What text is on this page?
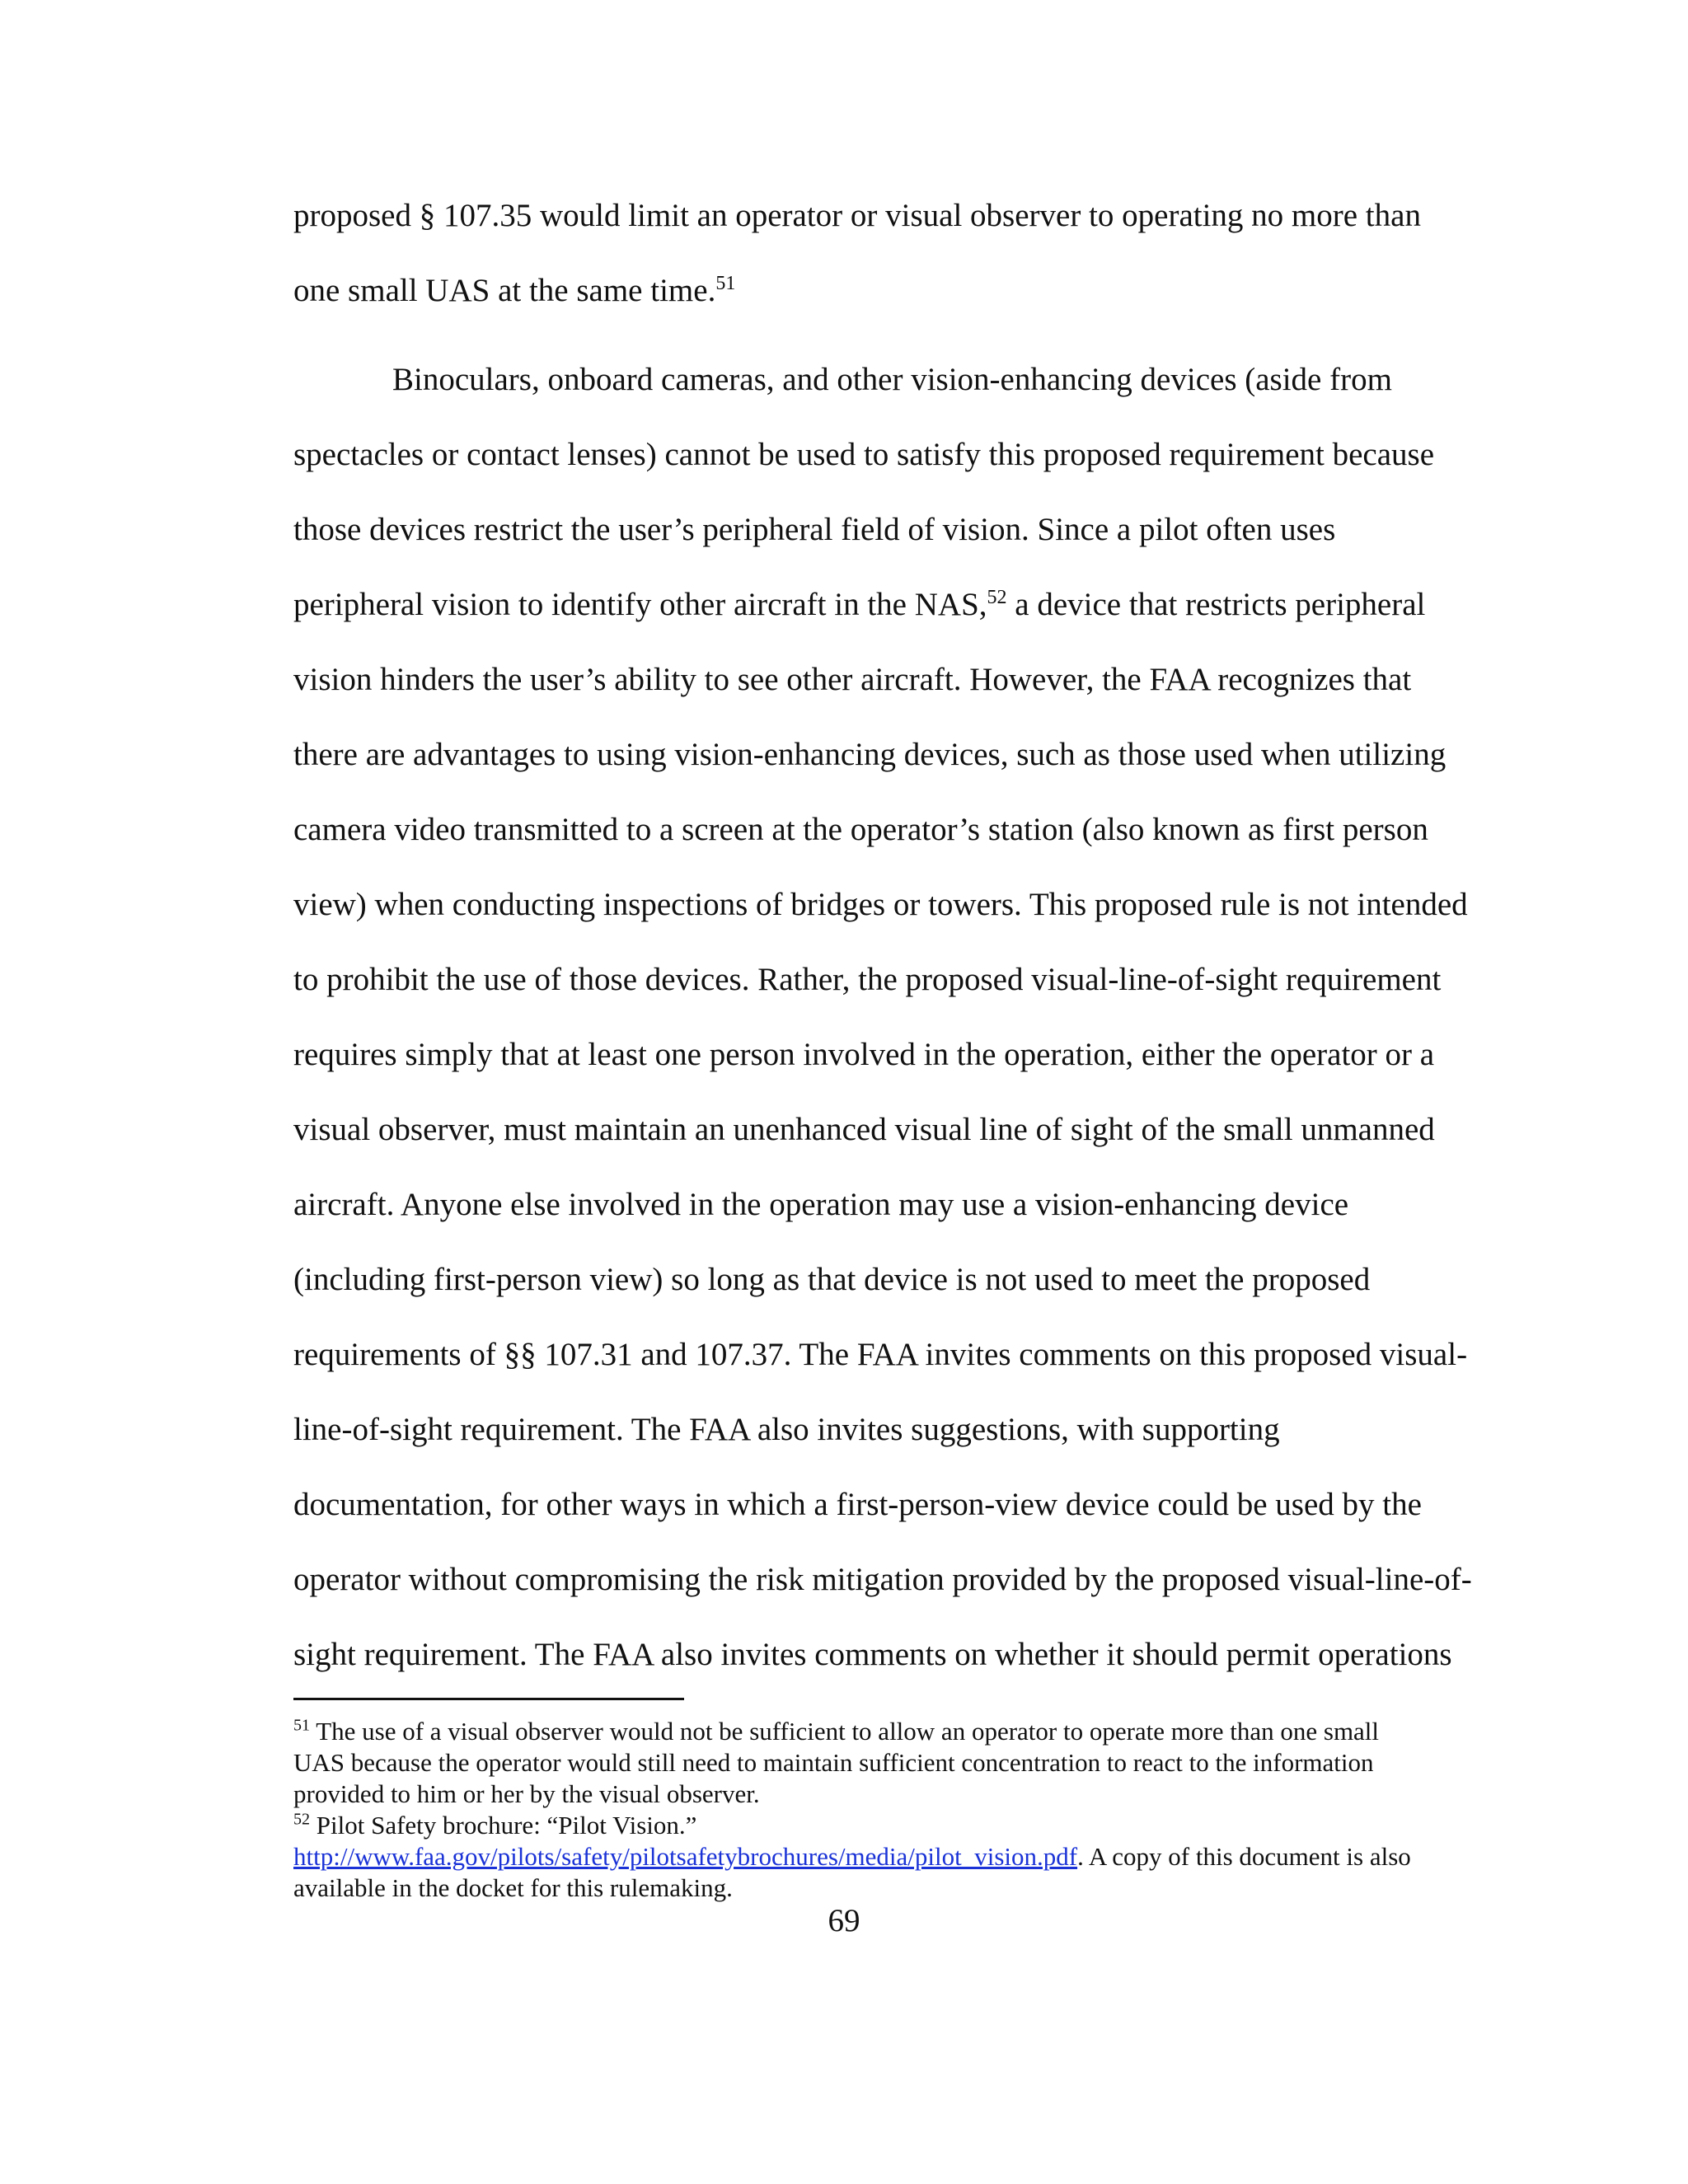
proposed § 107.35 would limit an operator or visual observer to operating no more than
one small UAS at the same time.$^{51}$
Binoculars, onboard cameras, and other vision-enhancing devices (aside from
spectacles or contact lenses) cannot be used to satisfy this proposed requirement because
those devices restrict the user’s peripheral field of vision. Since a pilot often uses
peripheral vision to identify other aircraft in the NAS,$^{52}$ a device that restricts peripheral
vision hinders the user’s ability to see other aircraft. However, the FAA recognizes that
there are advantages to using vision-enhancing devices, such as those used when utilizing
camera video transmitted to a screen at the operator’s station (also known as first person
view) when conducting inspections of bridges or towers. This proposed rule is not intended
to prohibit the use of those devices. Rather, the proposed visual-line-of-sight requirement
requires simply that at least one person involved in the operation, either the operator or a
visual observer, must maintain an unenhanced visual line of sight of the small unmanned
aircraft. Anyone else involved in the operation may use a vision-enhancing device
(including first-person view) so long as that device is not used to meet the proposed
requirements of §§ 107.31 and 107.37. The FAA invites comments on this proposed visual-
line-of-sight requirement. The FAA also invites suggestions, with supporting
documentation, for other ways in which a first-person-view device could be used by the
operator without compromising the risk mitigation provided by the proposed visual-line-of-
sight requirement. The FAA also invites comments on whether it should permit operations
$^{51}$ The use of a visual observer would not be sufficient to allow an operator to operate more than one small
UAS because the operator would still need to maintain sufficient concentration to react to the information
provided to him or her by the visual observer.
$^{52}$ Pilot Safety brochure: “Pilot Vision.”
http://www.faa.gov/pilots/safety/pilotsafetybrochures/media/pilot_vision.pdf. A copy of this document is also
available in the docket for this rulemaking.
69
